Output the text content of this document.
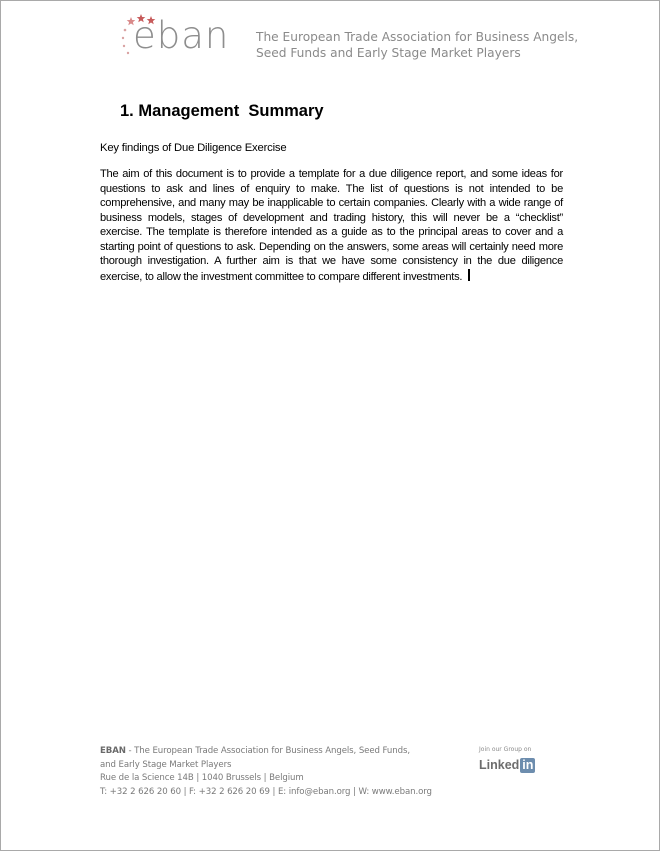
eban The European Trade Association for Business Angels,
Seed Funds and Early Stage Market Players
1. Management  Summary
Key findings of Due Diligence Exercise
The aim of this document is to provide a template for a due diligence report, and some ideas for questions to ask and lines of enquiry to make. The list of questions is not intended to be comprehensive, and many may be inapplicable to certain companies. Clearly with a wide range of business models, stages of development and trading history, this will never be a “checklist” exercise. The template is therefore intended as a guide as to the principal areas to cover and a starting point of questions to ask. Depending on the answers, some areas will certainly need more thorough investigation. A further aim is that we have some consistency in the due diligence exercise, to allow the investment committee to compare different investments.
EBAN - The European Trade Association for Business Angels, Seed Funds,
and Early Stage Market Players
Rue de la Science 14B | 1040 Brussels | Belgium
T: +32 2 626 20 60 | F: +32 2 626 20 69 | E: info@eban.org | W: www.eban.org
Join our Group on
Linked in
